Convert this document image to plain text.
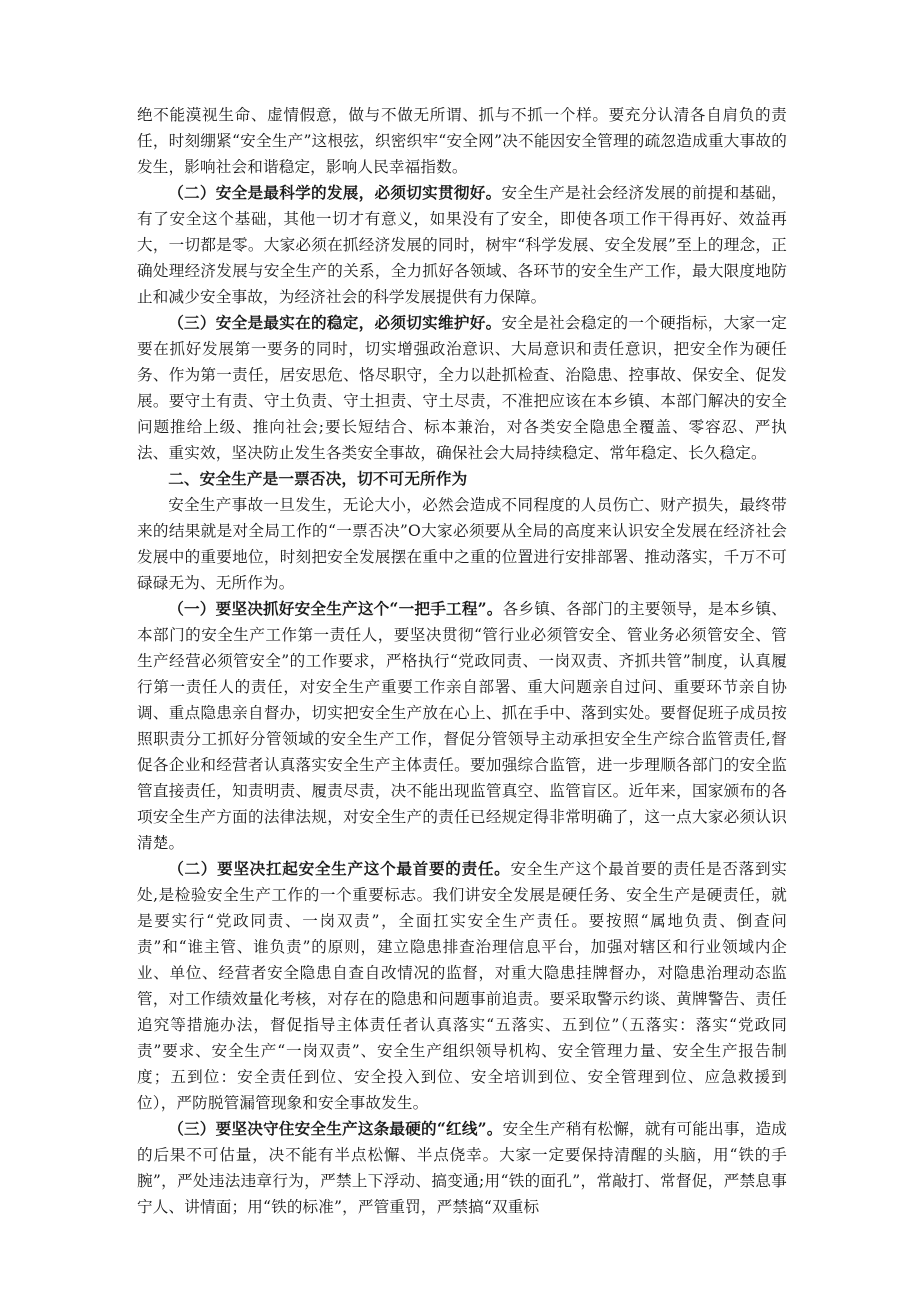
绝不能漠视生命、虚情假意，做与不做无所谓、抓与不抓一个样。要充分认清各自肩负的责任，时刻绷紧“安全生产”这根弦，织密织牢“安全网”决不能因安全管理的疏忽造成重大事故的发生，影响社会和谐稳定，影响人民幸福指数。

（二）安全是最科学的发展，必须切实贯彻好。安全生产是社会经济发展的前提和基础，有了安全这个基础，其他一切才有意义，如果没有了安全，即使各项工作干得再好、效益再大，一切都是零。大家必须在抓经济发展的同时，树牢“科学发展、安全发展”至上的理念，正确处理经济发展与安全生产的关系，全力抓好各领域、各环节的安全生产工作，最大限度地防止和减少安全事故，为经济社会的科学发展提供有力保障。

（三）安全是最实在的稳定，必须切实维护好。安全是社会稳定的一个硬指标，大家一定要在抓好发展第一要务的同时，切实增强政治意识、大局意识和责任意识，把安全作为硬任务、作为第一责任，居安思危、恪尽职守，全力以赴抓检查、治隐患、控事故、保安全、促发展。要守土有责、守土负责、守土担责、守土尽责，不准把应该在本乡镇、本部门解决的安全问题推给上级、推向社会;要长短结合、标本兼治，对各类安全隐患全覆盖、零容忍、严执法、重实效，坚决防止发生各类安全事故，确保社会大局持续稳定、常年稳定、长久稳定。

二、安全生产是一票否决，切不可无所作为

安全生产事故一旦发生，无论大小，必然会造成不同程度的人员伤亡、财产损失，最终带来的结果就是对全局工作的“一票否决”O大家必须要从全局的高度来认识安全发展在经济社会发展中的重要地位，时刻把安全发展摆在重中之重的位置进行安排部署、推动落实，千万不可碌碌无为、无所作为。

（一）要坚决抓好安全生产这个“一把手工程”。各乡镇、各部门的主要领导，是本乡镇、本部门的安全生产工作第一责任人，要坚决贯彻“管行业必须管安全、管业务必须管安全、管生产经营必须管安全”的工作要求，严格执行“党政同责、一岗双责、齐抓共管”制度，认真履行第一责任人的责任，对安全生产重要工作亲自部署、重大问题亲自过问、重要环节亲自协调、重点隐患亲自督办，切实把安全生产放在心上、抓在手中、落到实处。要督促班子成员按照职责分工抓好分管领域的安全生产工作，督促分管领导主动承担安全生产综合监管责任,督促各企业和经营者认真落实安全生产主体责任。要加强综合监管，进一步理顺各部门的安全监管直接责任，知责明责、履责尽责，决不能出现监管真空、监管盲区。近年来，国家颁布的各项安全生产方面的法律法规，对安全生产的责任已经规定得非常明确了，这一点大家必须认识清楚。

（二）要坚决扛起安全生产这个最首要的责任。安全生产这个最首要的责任是否落到实处,是检验安全生产工作的一个重要标志。我们讲安全发展是硬任务、安全生产是硬责任，就是要实行“党政同责、一岗双责”，全面扛实安全生产责任。要按照“属地负责、倒查问责”和“谁主管、谁负责”的原则，建立隐患排查治理信息平台，加强对辖区和行业领域内企业、单位、经营者安全隐患自查自改情况的监督，对重大隐患挂牌督办，对隐患治理动态监管，对工作绩效量化考核，对存在的隐患和问题事前追责。要采取警示约谈、黄牌警告、责任追究等措施办法，督促指导主体责任者认真落实“五落实、五到位”（五落实：落实“党政同责”要求、安全生产“一岗双责”、安全生产组织领导机构、安全管理力量、安全生产报告制度；五到位：安全责任到位、安全投入到位、安全培训到位、安全管理到位、应急救援到位），严防脱管漏管现象和安全事故发生。

（三）要坚决守住安全生产这条最硬的“红线”。安全生产稍有松懈，就有可能出事，造成的后果不可估量，决不能有半点松懈、半点侥幸。大家一定要保持清醒的头脑，用“铁的手腕”，严处违法违章行为，严禁上下浮动、搞变通;用“铁的面孔”，常敲打、常督促，严禁息事宁人、讲情面；用“铁的标准”，严管重罚，严禁搞“双重标
